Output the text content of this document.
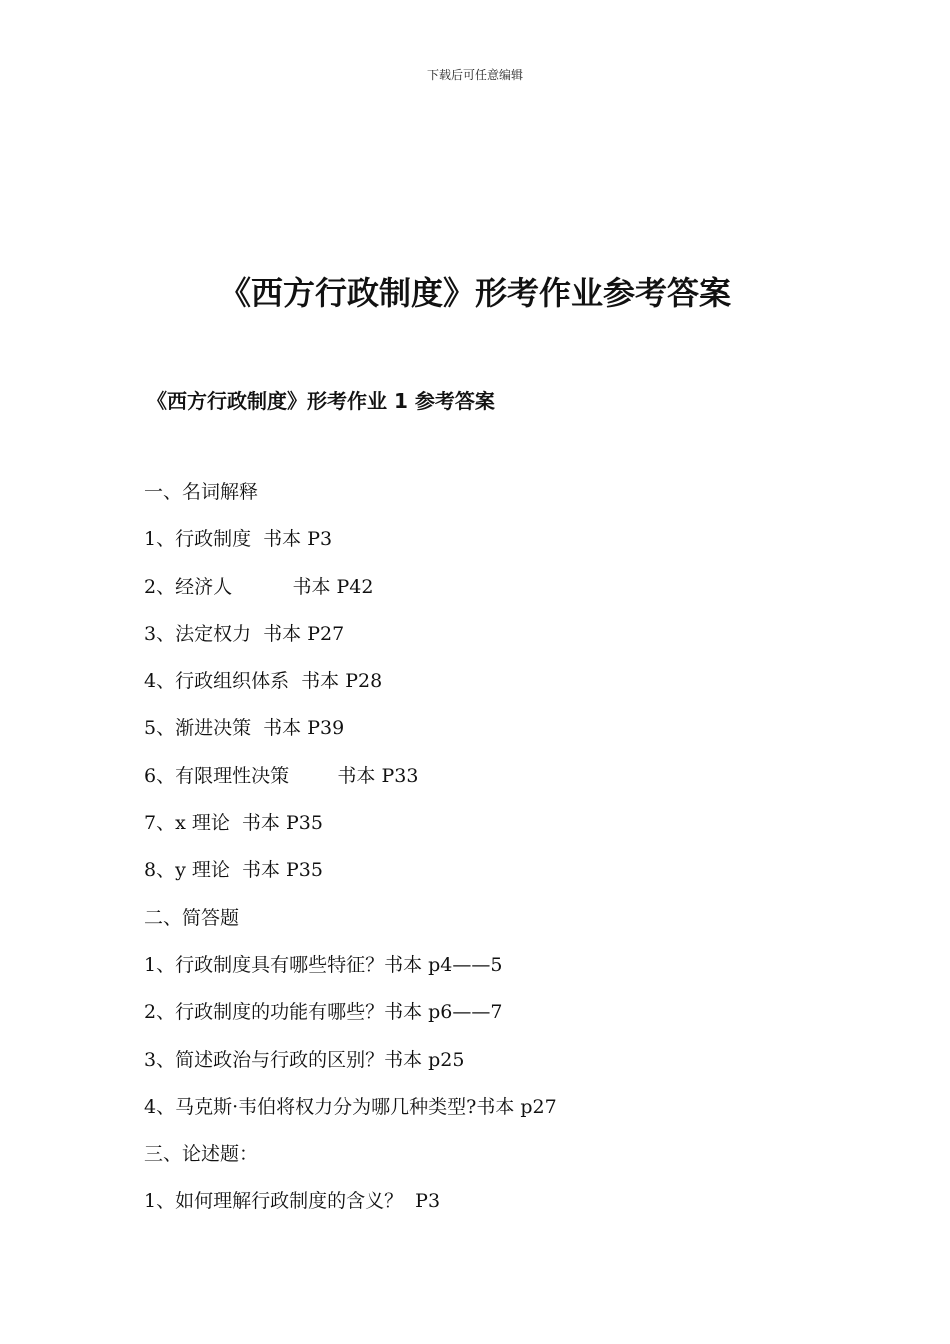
下载后可任意编辑
《西方行政制度》形考作业参考答案
《西方行政制度》形考作业 1 参考答案
一、名词解释
1、行政制度  书本 P3
2、经济人          书本 P42
3、法定权力  书本 P27
4、行政组织体系  书本 P28
5、渐进决策  书本 P39
6、有限理性决策        书本 P33
7、x 理论  书本 P35
8、y 理论  书本 P35
二、简答题
1、行政制度具有哪些特征？书本 p4——5
2、行政制度的功能有哪些？书本 p6——7
3、简述政治与行政的区别？书本 p25
4、马克斯·韦伯将权力分为哪几种类型?书本 p27
三、论述题：
1、如何理解行政制度的含义？  P3
